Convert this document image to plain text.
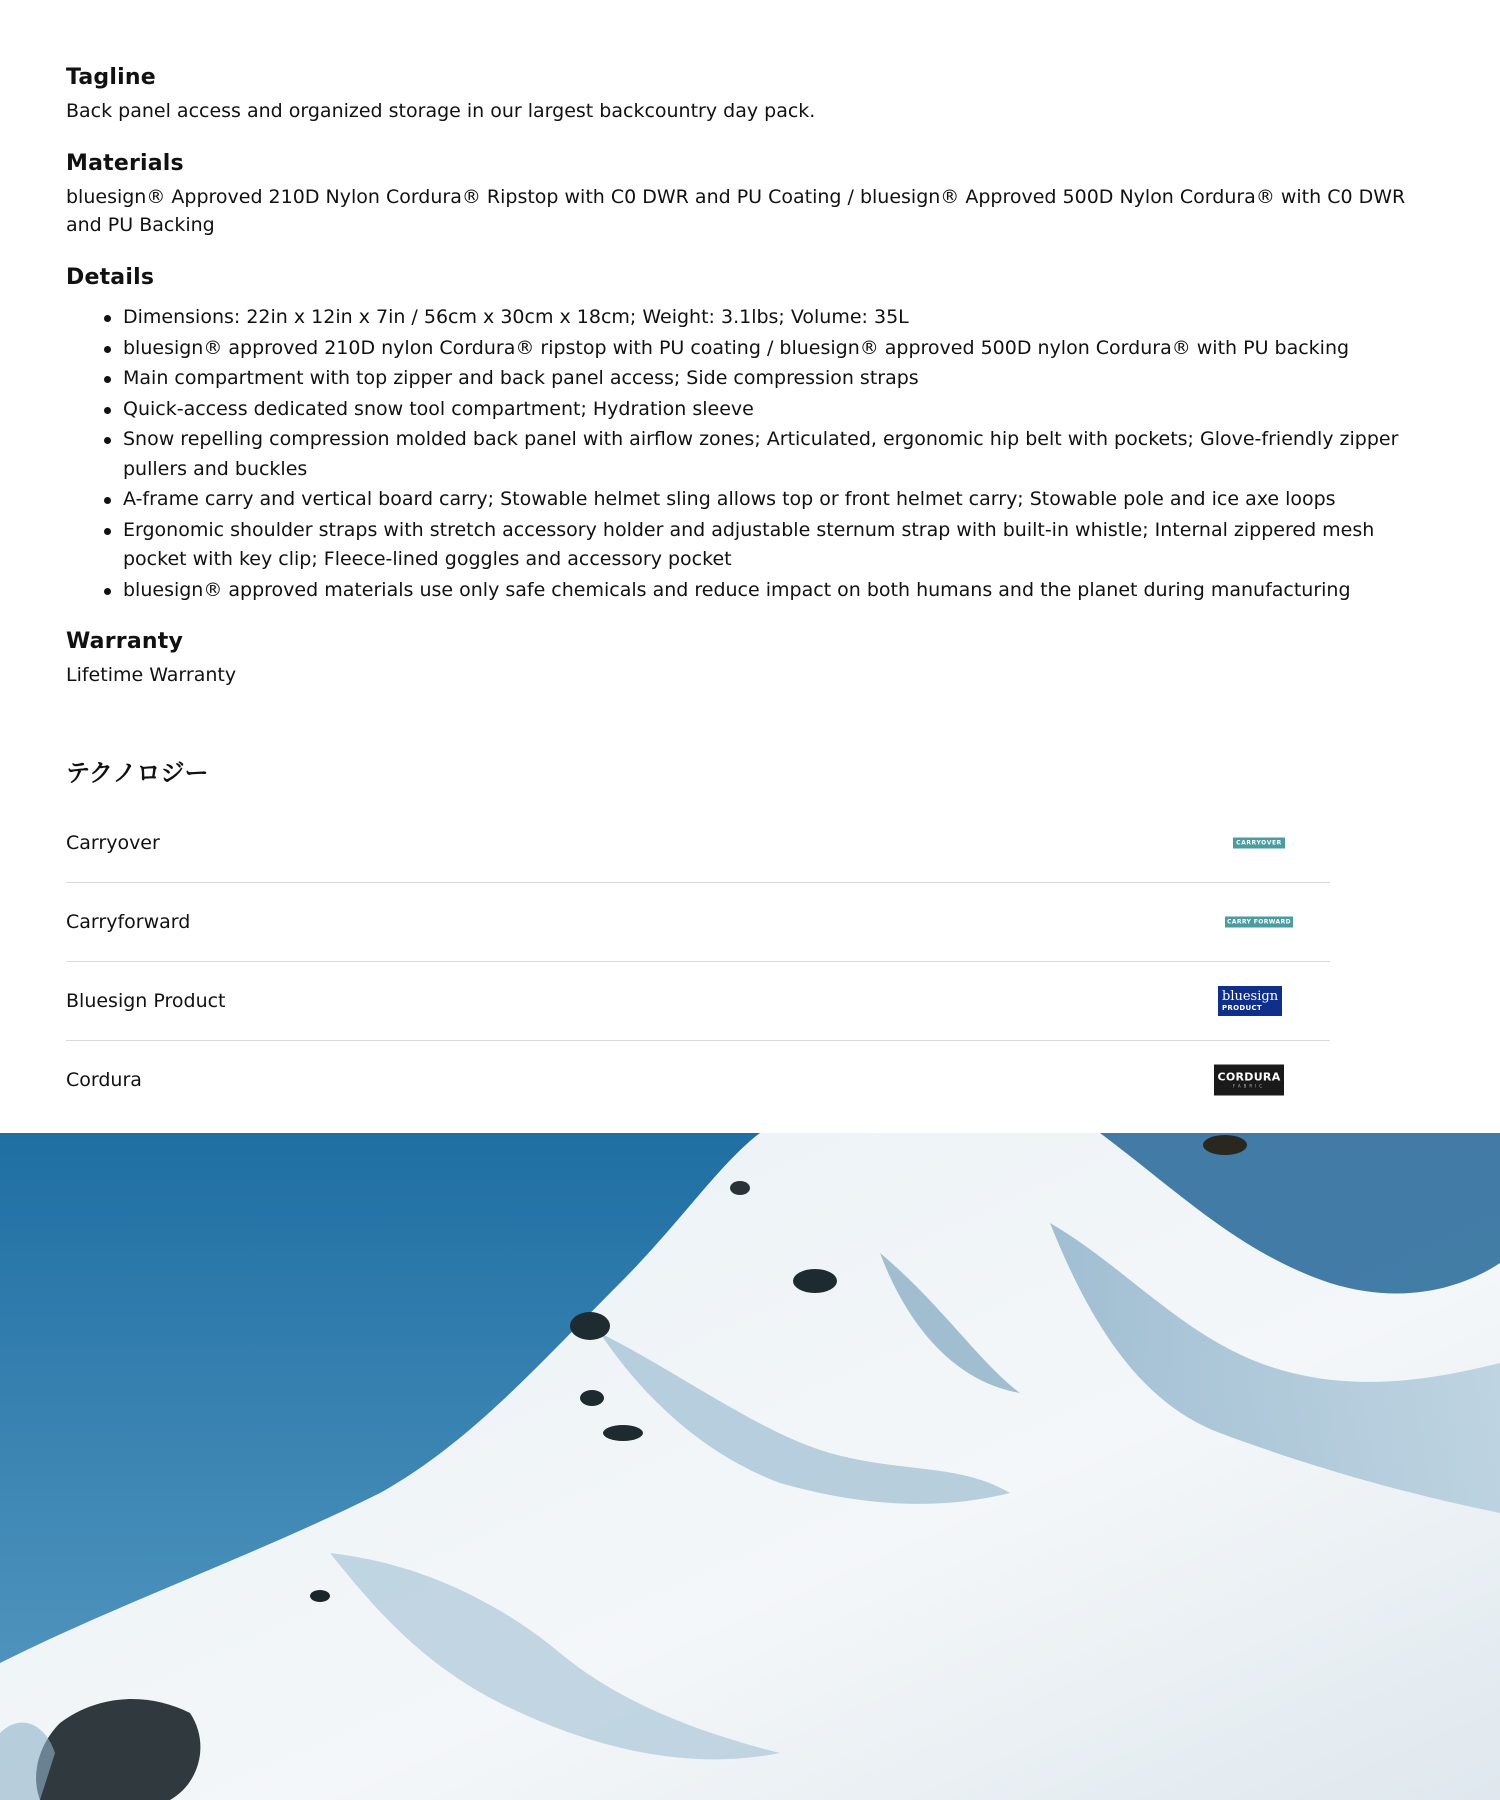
Tagline

Back panel access and organized storage in our largest backcountry day pack.

Materials

bluesign® Approved 210D Nylon Cordura® Ripstop with C0 DWR and PU Coating / bluesign® Approved 500D Nylon Cordura® with C0 DWR and PU Backing

Details
Dimensions: 22in x 12in x 7in / 56cm x 30cm x 18cm; Weight: 3.1lbs; Volume: 35L
bluesign® approved 210D nylon Cordura® ripstop with PU coating / bluesign® approved 500D nylon Cordura® with PU backing
Main compartment with top zipper and back panel access; Side compression straps
Quick-access dedicated snow tool compartment; Hydration sleeve
Snow repelling compression molded back panel with airflow zones; Articulated, ergonomic hip belt with pockets; Glove-friendly zipper pullers and buckles
A-frame carry and vertical board carry; Stowable helmet sling allows top or front helmet carry; Stowable pole and ice axe loops
Ergonomic shoulder straps with stretch accessory holder and adjustable sternum strap with built-in whistle; Internal zippered mesh pocket with key clip; Fleece-lined goggles and accessory pocket
bluesign® approved materials use only safe chemicals and reduce impact on both humans and the planet during manufacturing
Warranty

Lifetime Warranty

テクノロジー
Carryover	CARRYOVER
Carryforward	CARRY FORWARD
Bluesign Product	bluesign
PRODUCT
Cordura	CORDURA
FABRIC
